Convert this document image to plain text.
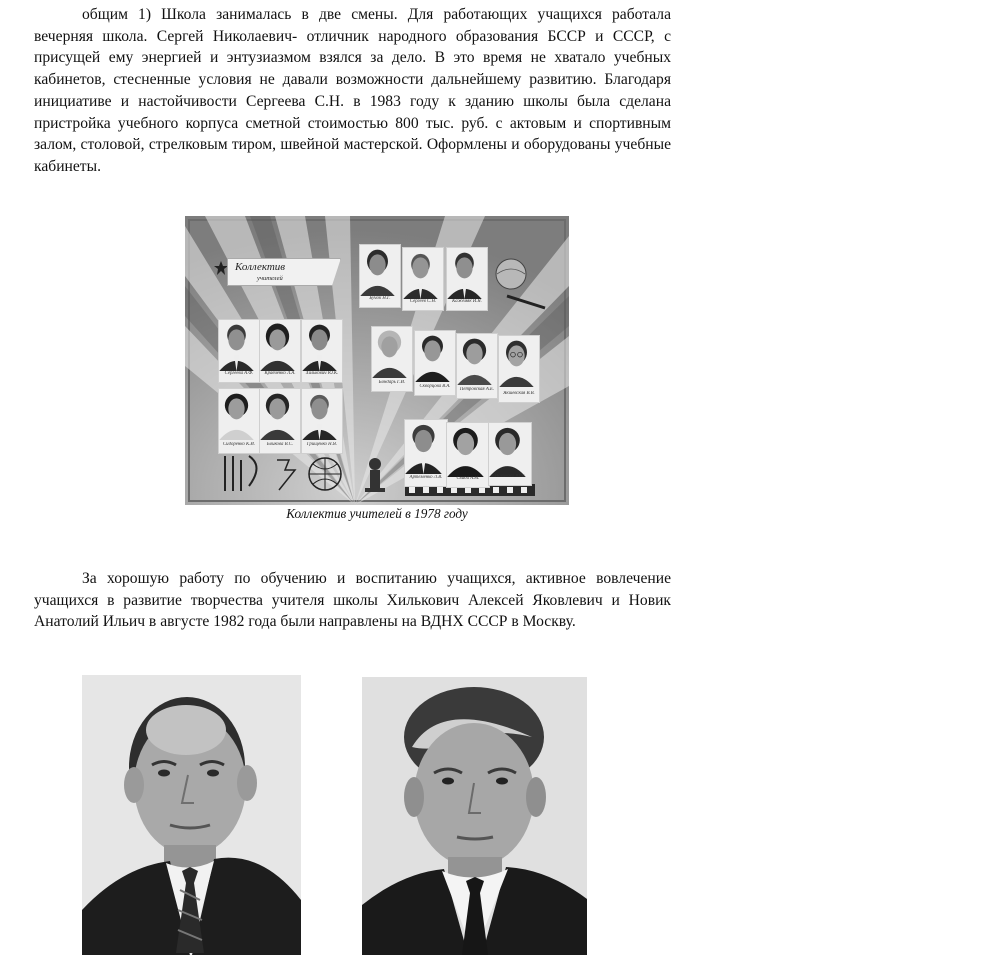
общим 1) Школа занималась в две смены. Для работающих учащихся работала вечерняя школа. Сергей Николаевич- отличник народного образования БССР и СССР, с присущей ему энергией и энтузиазмом взялся за дело. В это время не хватало учебных кабинетов, стесненные условия не давали возможности дальнейшему развитию. Благодаря инициативе и настойчивости Сергеева С.Н. в 1983 году к зданию школы была сделана пристройка учебного корпуса сметной стоимостью 800 тыс. руб. с актовым и спортивным залом, столовой, стрелковым тиром, швейной мастерской. Оформлены и оборудованы учебные кабинеты.

Коллектив
учителей
Бучок Н.Г.
Сергеев С.Н.	Кажемяк И.Я.
Сергеева А.Ф.	Кравченко Л.А.	Хилькович Ю.К.
Бондарь Г.И.
Скворцова В.А.
Петровская А.Е.
Якшевская В.В.
Сидоренко К.И.	Бойкова В.С.	Грищенко Н.Я.
Артёменко Л.В.	Свиба А.М.	Новикова Ю.Г.
Коллектив учителей в 1978 году

За хорошую работу по обучению и воспитанию учащихся, активное вовлечение учащихся в развитие творчества учителя школы Хилькович Алексей Яковлевич и Новик Анатолий Ильич в августе 1982 года были направлены на ВДНХ СССР в Москву.
